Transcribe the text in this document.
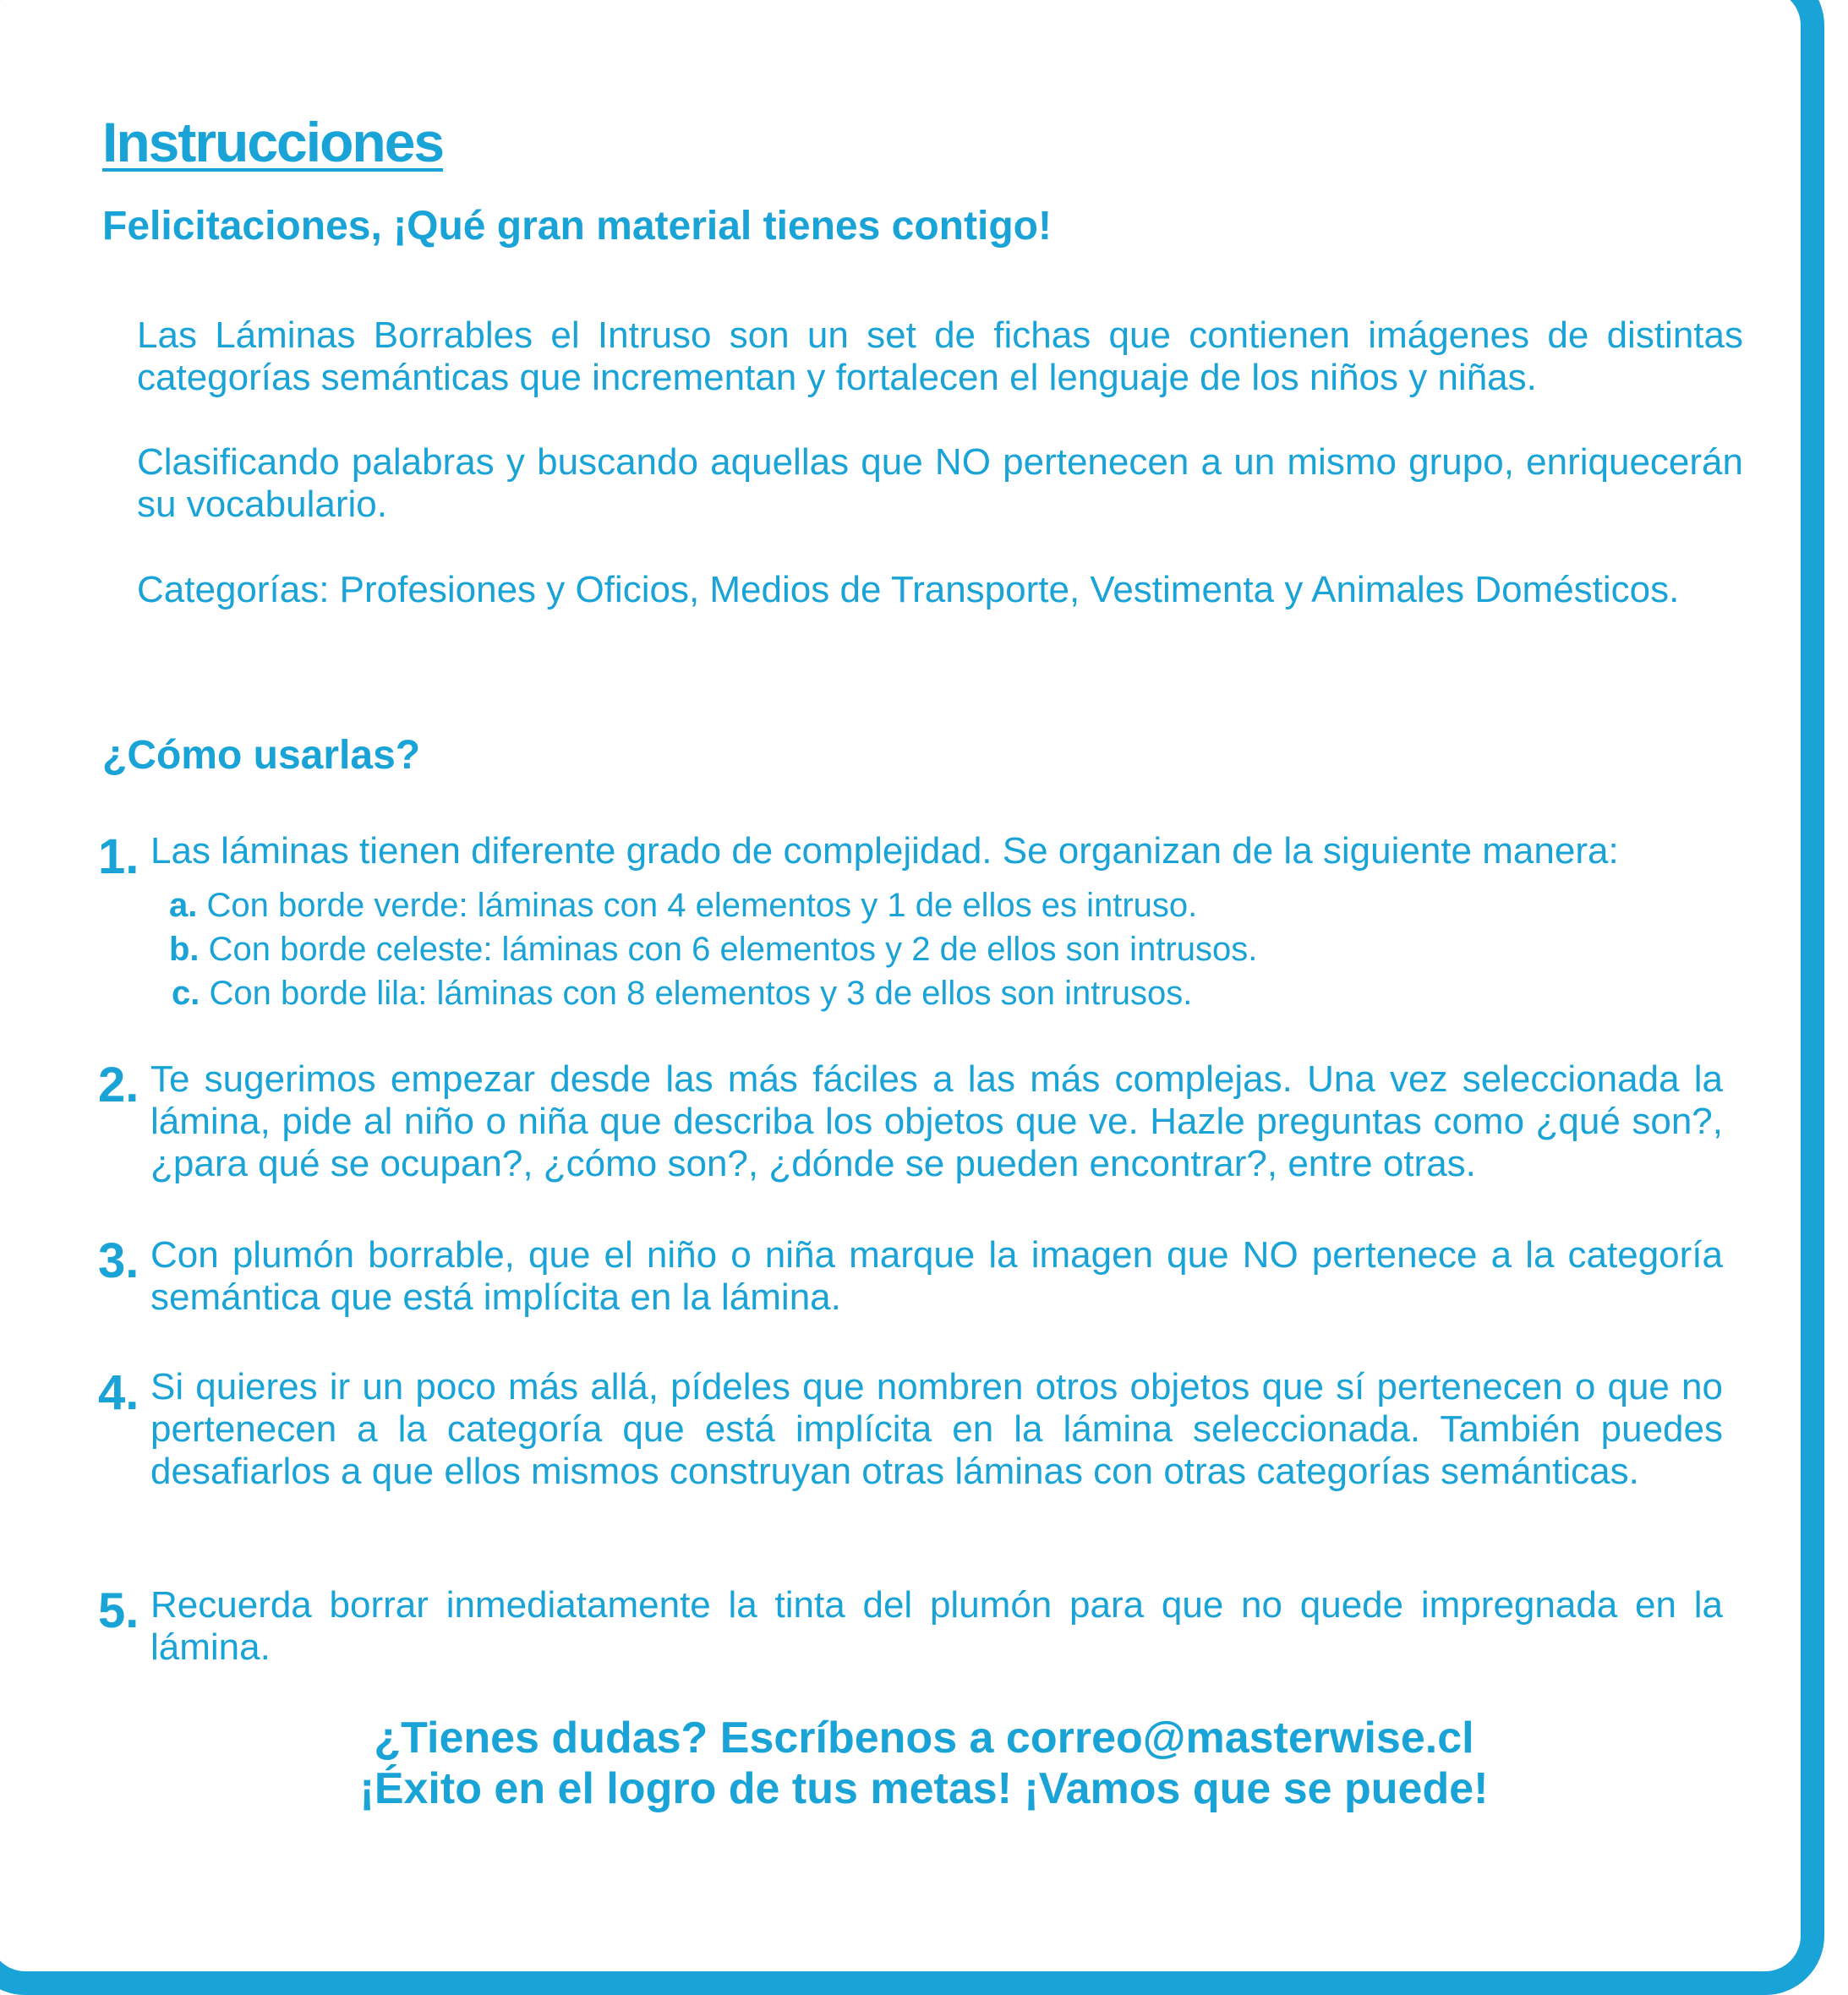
Instrucciones
Felicitaciones, ¡Qué gran material tienes contigo!
Las Láminas Borrables el Intruso son un set de fichas que contienen imágenes de distintas categorías semánticas que incrementan y fortalecen el lenguaje de los niños y niñas.
Clasificando palabras y buscando aquellas que NO pertenecen a un mismo grupo, enriquecerán su vocabulario.
Categorías: Profesiones y Oficios, Medios de Transporte, Vestimenta y Animales Domésticos.
¿Cómo usarlas?
1. Las láminas tienen diferente grado de complejidad. Se organizan de la siguiente manera:
a. Con borde verde: láminas con 4 elementos y 1 de ellos es intruso.
b. Con borde celeste: láminas con 6 elementos y 2 de ellos son intrusos.
c. Con borde lila: láminas con 8 elementos y 3 de ellos son intrusos.
2. Te sugerimos empezar desde las más fáciles a las más complejas. Una vez seleccionada la lámina, pide al niño o niña que describa los objetos que ve. Hazle preguntas como ¿qué son?, ¿para qué se ocupan?, ¿cómo son?, ¿dónde se pueden encontrar?, entre otras.
3. Con plumón borrable, que el niño o niña marque la imagen que NO pertenece a la categoría semántica que está implícita en la lámina.
4. Si quieres ir un poco más allá, pídeles que nombren otros objetos que sí pertenecen o que no pertenecen a la categoría que está implícita en la lámina seleccionada. También puedes desafiarlos a que ellos mismos construyan otras láminas con otras categorías semánticas.
5. Recuerda borrar inmediatamente la tinta del plumón para que no quede impregnada en la lámina.
¿Tienes dudas? Escríbenos a correo@masterwise.cl
¡Éxito en el logro de tus metas! ¡Vamos que se puede!
